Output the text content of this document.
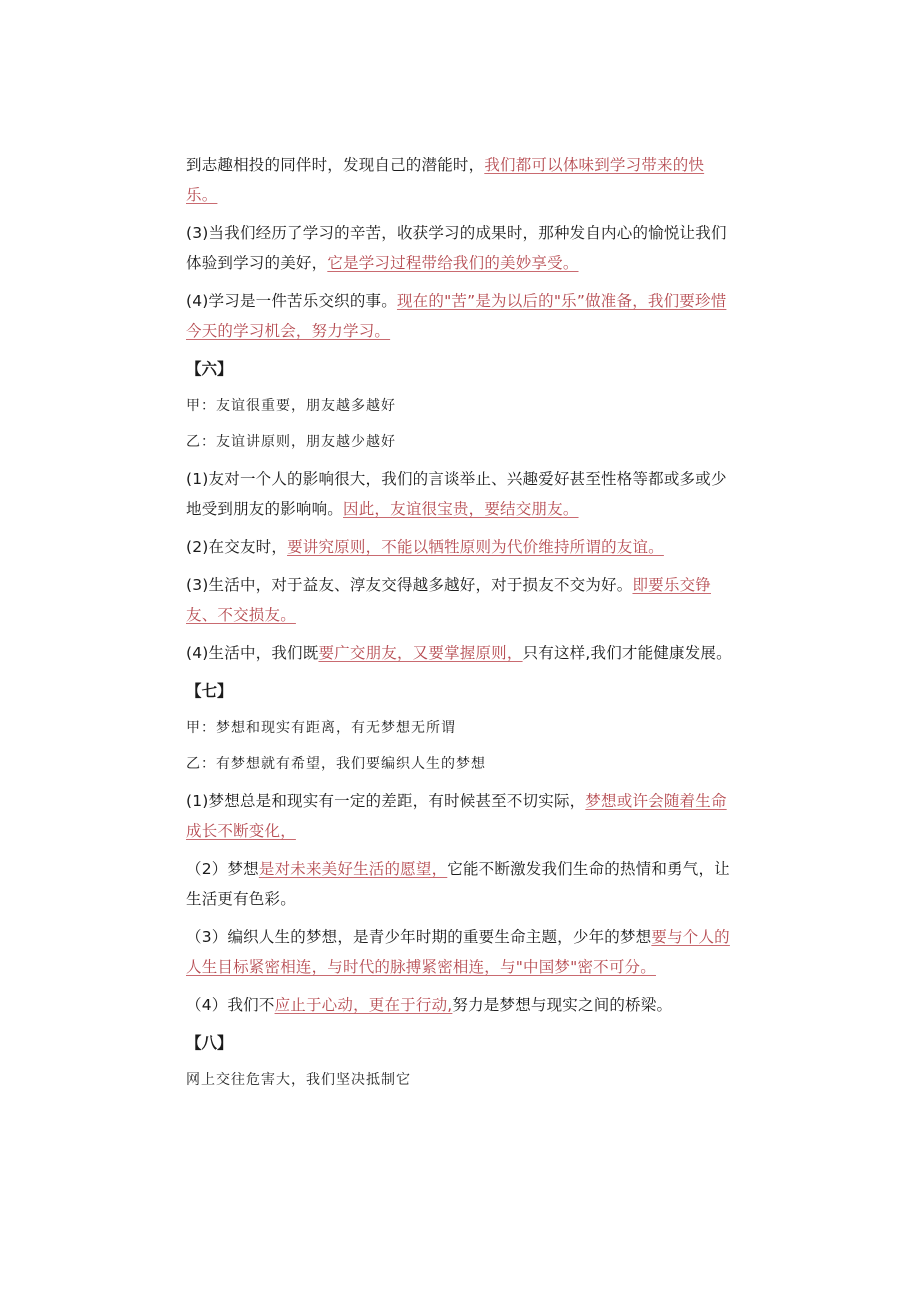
到志趣相投的同伴时，发现自己的潜能时，我们都可以体味到学习带来的快乐。

(3)当我们经历了学习的辛苦，收获学习的成果时，那种发自内心的愉悦让我们体验到学习的美好，它是学习过程带给我们的美妙享受。

(4)学习是一件苦乐交织的事。现在的"苦”是为以后的"乐”做准备，我们要珍惜今天的学习机会，努力学习。

【六】
甲：友谊很重要，朋友越多越好
乙：友谊讲原则，朋友越少越好

(1)友对一个人的影响很大，我们的言谈举止、兴趣爱好甚至性格等都或多或少地受到朋友的影响响。因此，友谊很宝贵，要结交朋友。

(2)在交友时，要讲究原则，不能以牺牲原则为代价维持所谓的友谊。

(3)生活中，对于益友、淳友交得越多越好，对于损友不交为好。即要乐交铮友、不交损友。

(4)生活中，我们既要广交朋友，又要掌握原则，只有这样,我们才能健康发展。

【七】
甲：梦想和现实有距离，有无梦想无所谓
乙：有梦想就有希望，我们要编织人生的梦想

(1)梦想总是和现实有一定的差距，有时候甚至不切实际，梦想或许会随着生命成长不断变化，

（2）梦想是对未来美好生活的愿望，它能不断激发我们生命的热情和勇气，让生活更有色彩。

（3）编织人生的梦想，是青少年时期的重要生命主题，少年的梦想要与个人的人生目标紧密相连，与时代的脉搏紧密相连，与"中国梦"密不可分。

（4）我们不应止于心动，更在于行动,努力是梦想与现实之间的桥梁。

【八】
网上交往危害大，我们坚决抵制它
